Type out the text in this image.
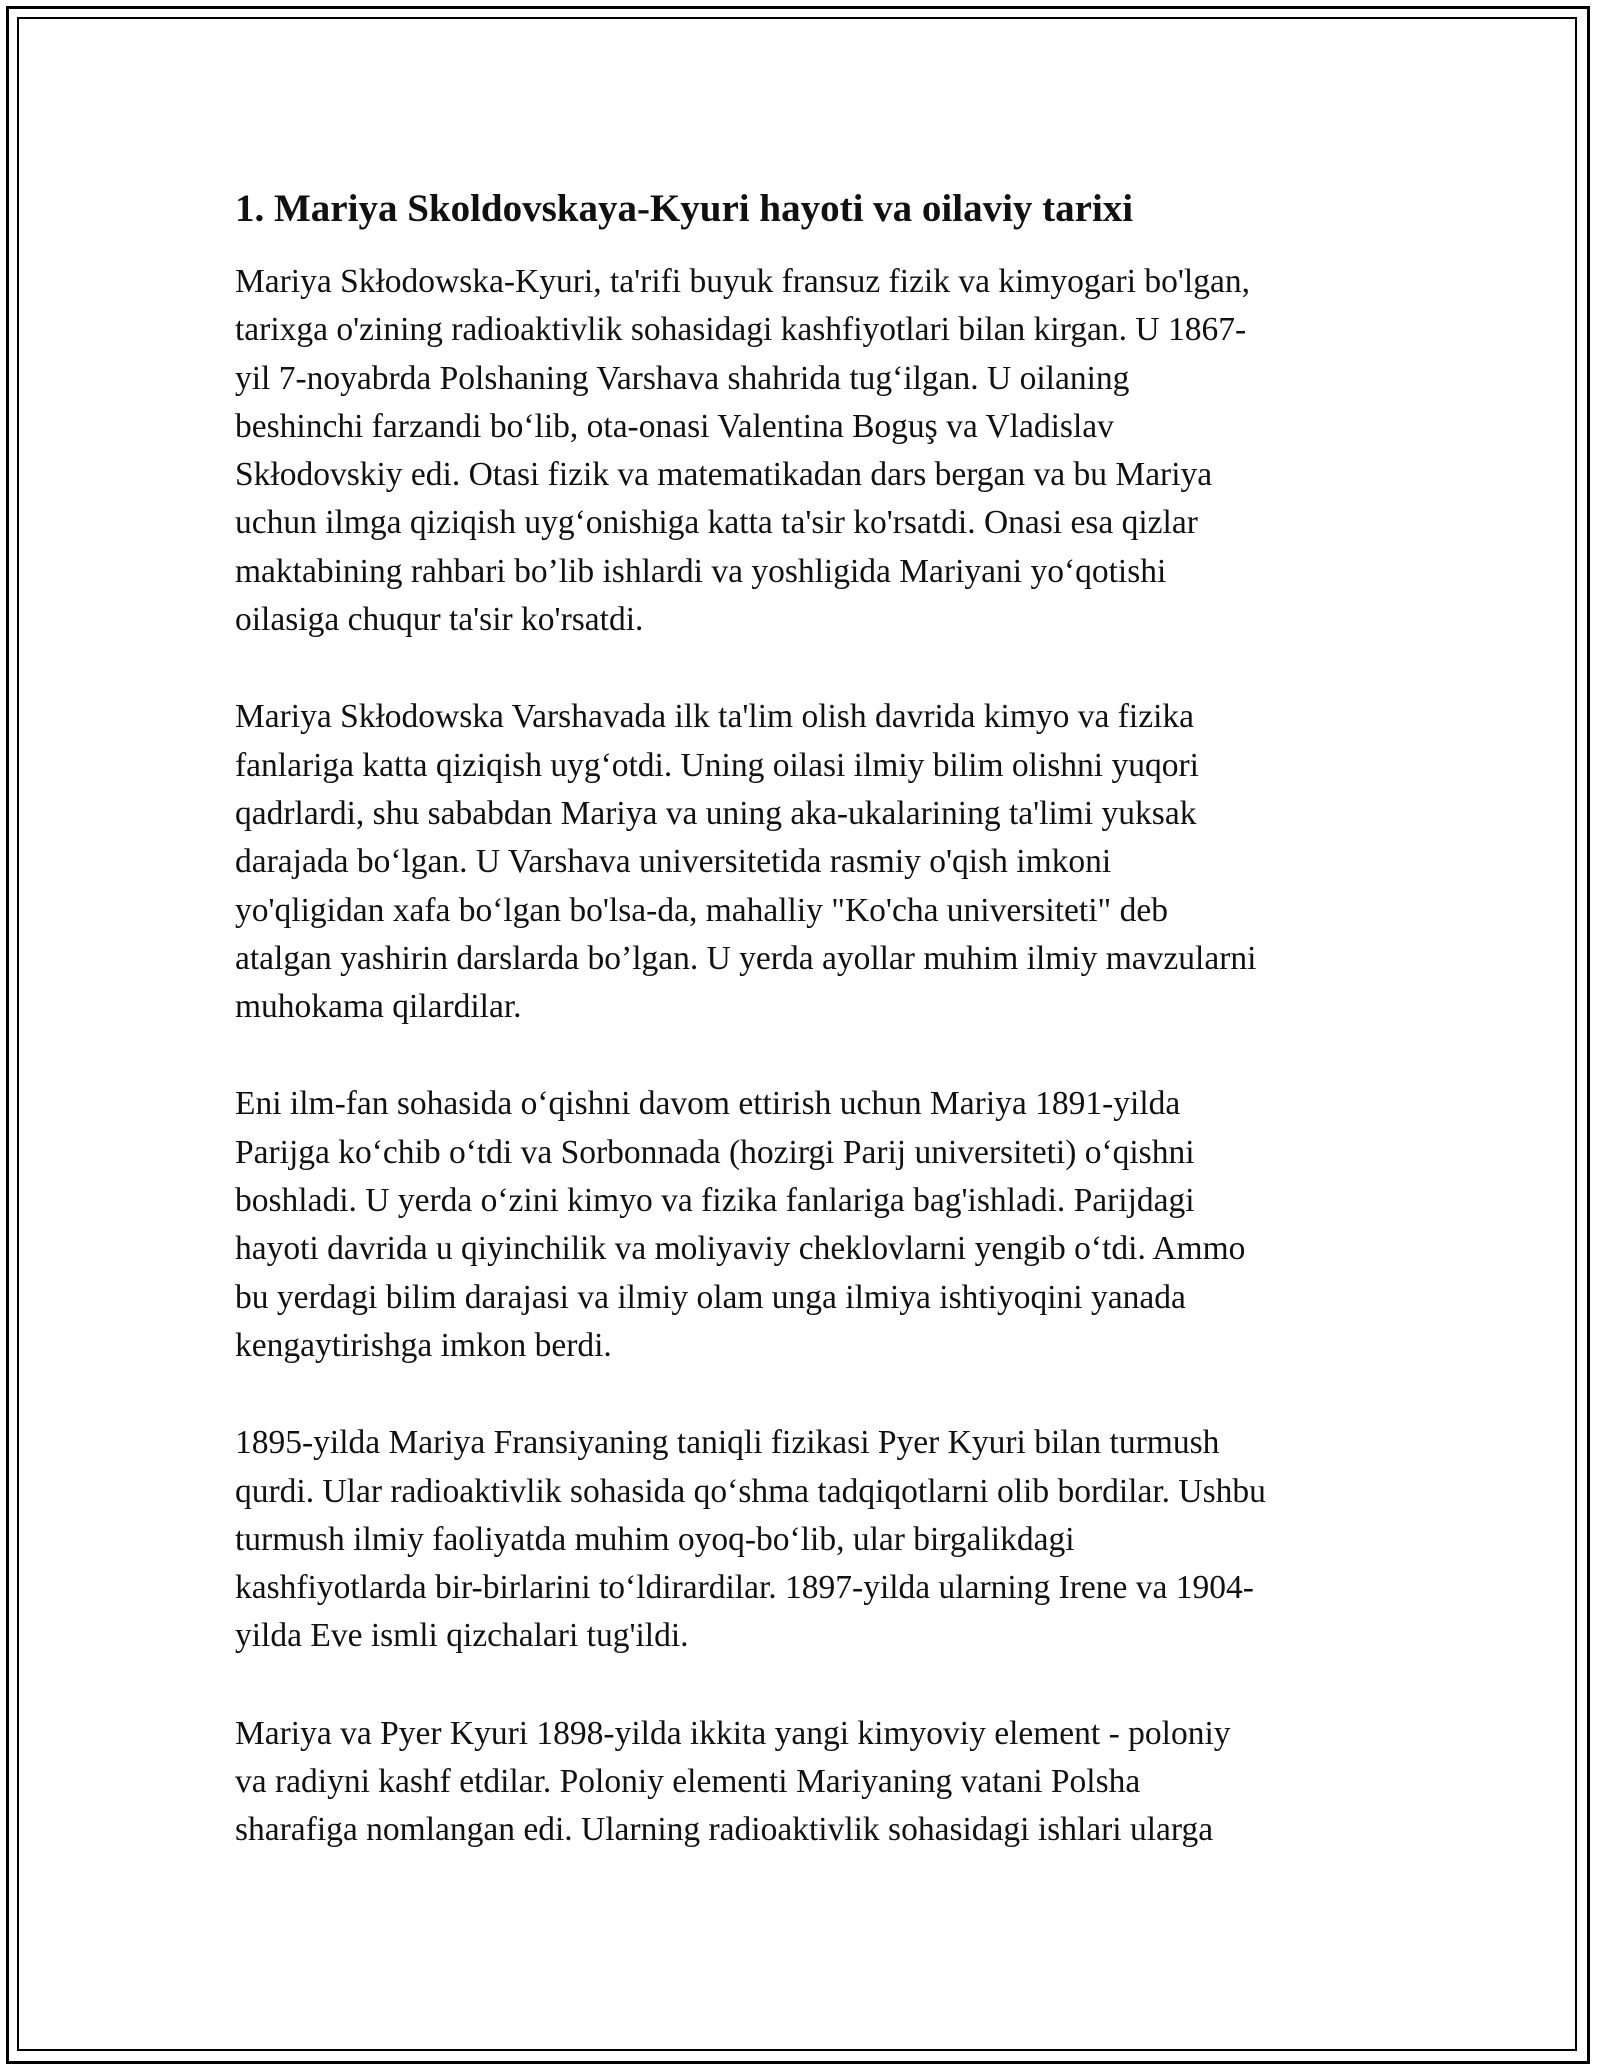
1. Mariya Skoldovskaya-Kyuri hayoti va oilaviy tarixi

Mariya Skłodowska-Kyuri, ta'rifi buyuk fransuz fizik va kimyogari bo'lgan,
tarixga o'zining radioaktivlik sohasidagi kashfiyotlari bilan kirgan. U 1867-
yil 7-noyabrda Polshaning Varshava shahrida tug‘ilgan. U oilaning
beshinchi farzandi bo‘lib, ota-onasi Valentina Boguş va Vladislav
Skłodovskiy edi. Otasi fizik va matematikadan dars bergan va bu Mariya
uchun ilmga qiziqish uyg‘onishiga katta ta'sir ko'rsatdi. Onasi esa qizlar
maktabining rahbari bo’lib ishlardi va yoshligida Mariyani yo‘qotishi
oilasiga chuqur ta'sir ko'rsatdi.

Mariya Skłodowska Varshavada ilk ta'lim olish davrida kimyo va fizika
fanlariga katta qiziqish uyg‘otdi. Uning oilasi ilmiy bilim olishni yuqori
qadrlardi, shu sababdan Mariya va uning aka-ukalarining ta'limi yuksak
darajada bo‘lgan. U Varshava universitetida rasmiy o'qish imkoni
yo'qligidan xafa bo‘lgan bo'lsa-da, mahalliy "Ko'cha universiteti" deb
atalgan yashirin darslarda bo’lgan. U yerda ayollar muhim ilmiy mavzularni
muhokama qilardilar.

Eni ilm-fan sohasida o‘qishni davom ettirish uchun Mariya 1891-yilda
Parijga ko‘chib o‘tdi va Sorbonnada (hozirgi Parij universiteti) o‘qishni
boshladi. U yerda o‘zini kimyo va fizika fanlariga bag'ishladi. Parijdagi
hayoti davrida u qiyinchilik va moliyaviy cheklovlarni yengib o‘tdi. Ammo
bu yerdagi bilim darajasi va ilmiy olam unga ilmiya ishtiyoqini yanada
kengaytirishga imkon berdi.

1895-yilda Mariya Fransiyaning taniqli fizikasi Pyer Kyuri bilan turmush
qurdi. Ular radioaktivlik sohasida qo‘shma tadqiqotlarni olib bordilar. Ushbu
turmush ilmiy faoliyatda muhim oyoq-bo‘lib, ular birgalikdagi
kashfiyotlarda bir-birlarini to‘ldirardilar. 1897-yilda ularning Irene va 1904-
yilda Eve ismli qizchalari tug'ildi.

Mariya va Pyer Kyuri 1898-yilda ikkita yangi kimyoviy element - poloniy
va radiyni kashf etdilar. Poloniy elementi Mariyaning vatani Polsha
sharafiga nomlangan edi. Ularning radioaktivlik sohasidagi ishlari ularga
